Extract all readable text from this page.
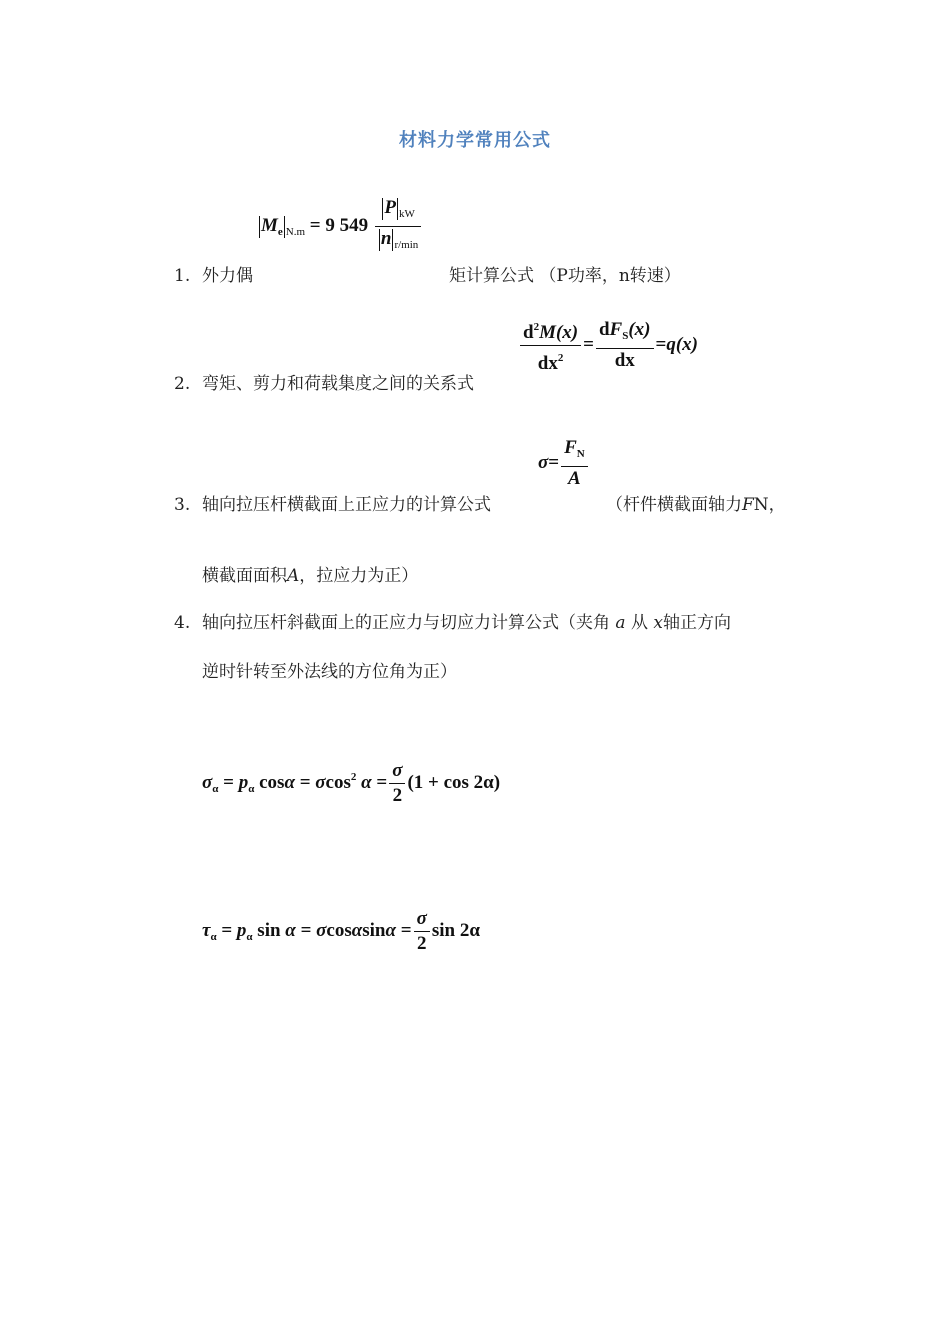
材料力学常用公式
$M_e$ $_{N.m}$ = 9 $549 \frac{P _{kW}}{n _{r/min}}$
1. 外力偶	矩计算公式 （P功率，n转速）
$\frac{d^2M(x)}{dx^2} = \frac{dF_S(x)}{dx} =q(x)$
2. 弯矩、剪力和荷载集度之间的关系式
$\sigma= \frac{F_N}{A}$
3. 轴向拉压杆横截面上正应力的计算公式	（杆件横截面轴力FN，
横截面面积A，拉应力为正）
4. 轴向拉压杆斜截面上的正应力与切应力计算公式（夹角 a 从 x轴正方向
逆时针转至外法线的方位角为正）
$\sigma_\alpha = p_\alpha$ cosα = σcos$^2$ $\alpha = \frac{\sigma}{2} (1 + \cos 2\alpha)$
$\tau_\alpha = p_\alpha$ $\sin \alpha = \sigma\cos\alpha\sin\alpha = \frac{\sigma}{2}$ sin 2α
